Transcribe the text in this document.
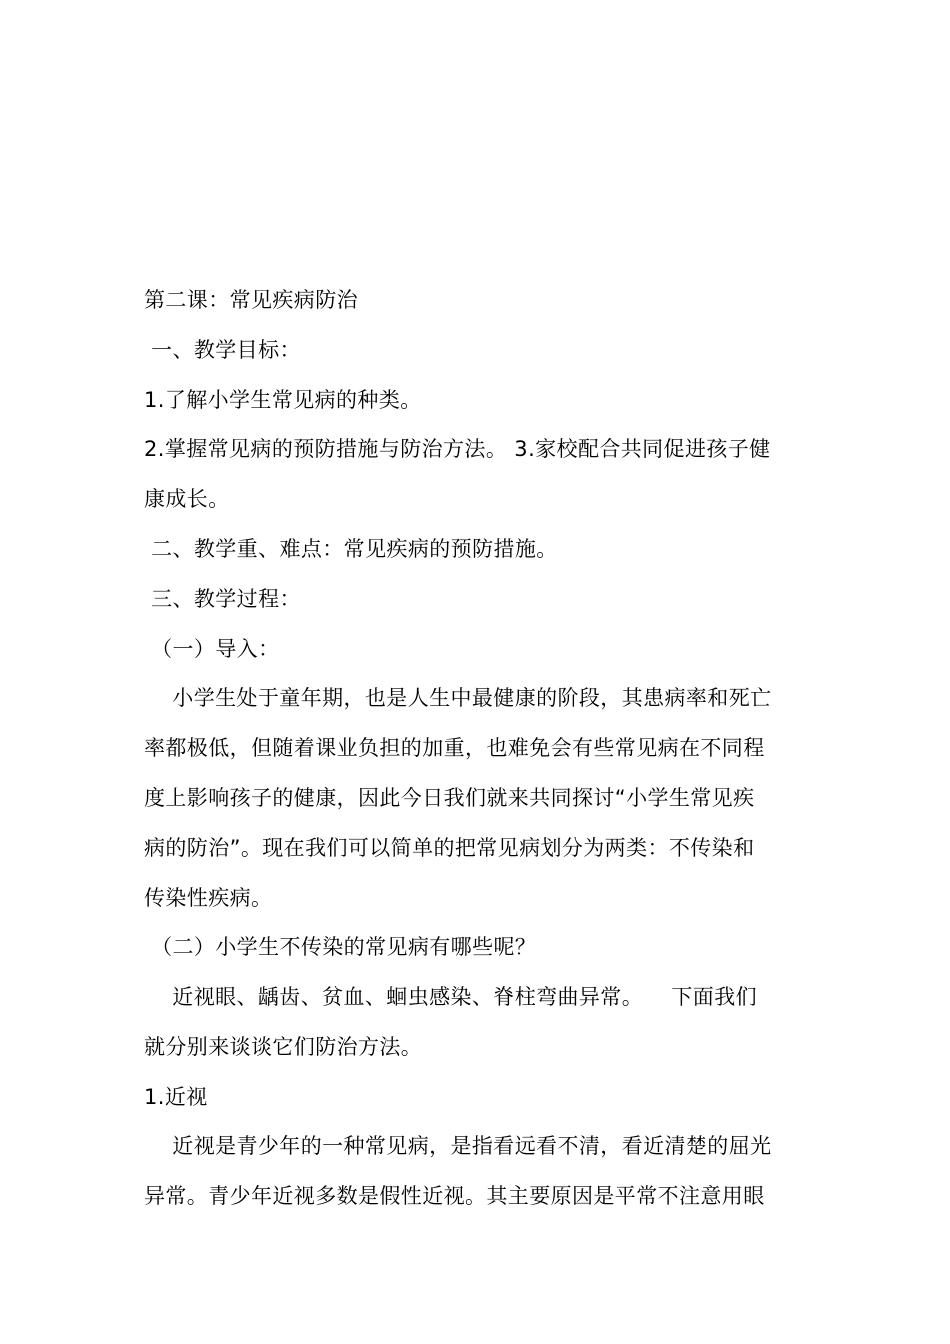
第二课：常见疾病防治
一、教学目标：
1.了解小学生常见病的种类。
2.掌握常见病的预防措施与防治方法。 3.家校配合共同促进孩子健
康成长。
二、教学重、难点：常见疾病的预防措施。
三、教学过程：
（一）导入：
小学生处于童年期，也是人生中最健康的阶段，其患病率和死亡
率都极低，但随着课业负担的加重，也难免会有些常见病在不同程
度上影响孩子的健康，因此今日我们就来共同探讨“小学生常见疾
病的防治”。现在我们可以简单的把常见病划分为两类：不传染和
传染性疾病。
（二）小学生不传染的常见病有哪些呢？
近视眼、龋齿、贫血、蛔虫感染、脊柱弯曲异常。    下面我们
就分别来谈谈它们防治方法。
1.近视
近视是青少年的一种常见病，是指看远看不清，看近清楚的屈光
异常。青少年近视多数是假性近视。其主要原因是平常不注意用眼
